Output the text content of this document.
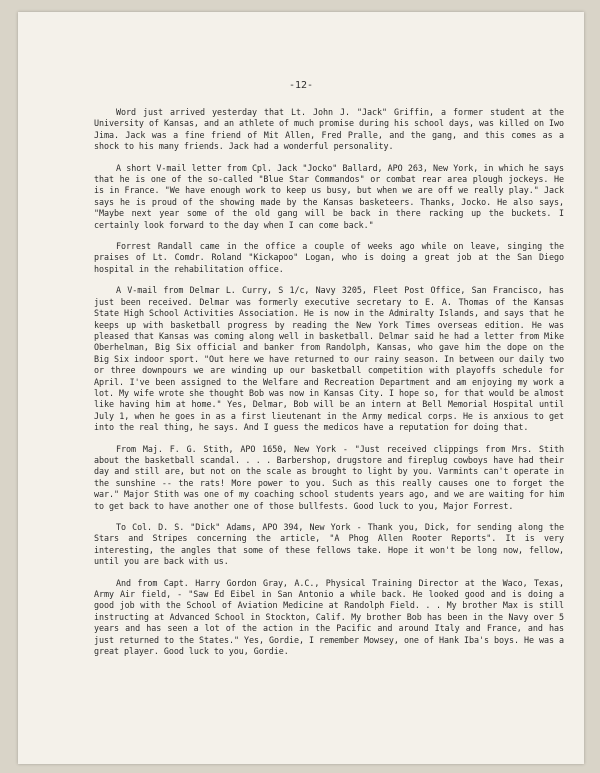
-12-

Word just arrived yesterday that Lt. John J. "Jack" Griffin, a former student at the University of Kansas, and an athlete of much promise during his school days, was killed on Iwo Jima. Jack was a fine friend of Mit Allen, Fred Pralle, and the gang, and this comes as a shock to his many friends. Jack had a wonderful personality.

A short V-mail letter from Cpl. Jack "Jocko" Ballard, APO 263, New York, in which he says that he is one of the so-called "Blue Star Commandos" or combat rear area plough jockeys. He is in France. "We have enough work to keep us busy, but when we are off we really play." Jack says he is proud of the showing made by the Kansas basketeers. Thanks, Jocko. He also says, "Maybe next year some of the old gang will be back in there racking up the buckets. I certainly look forward to the day when I can come back."

Forrest Randall came in the office a couple of weeks ago while on leave, singing the praises of Lt. Comdr. Roland "Kickapoo" Logan, who is doing a great job at the San Diego hospital in the rehabilitation office.

A V-mail from Delmar L. Curry, S 1/c, Navy 3205, Fleet Post Office, San Francisco, has just been received. Delmar was formerly executive secretary to E. A. Thomas of the Kansas State High School Activities Association. He is now in the Admiralty Islands, and says that he keeps up with basketball progress by reading the New York Times overseas edition. He was pleased that Kansas was coming along well in basketball. Delmar said he had a letter from Mike Oberhelman, Big Six official and banker from Randolph, Kansas, who gave him the dope on the Big Six indoor sport. "Out here we have returned to our rainy season. In between our daily two or three downpours we are winding up our basketball competition with playoffs schedule for April. I've been assigned to the Welfare and Recreation Department and am enjoying my work a lot. My wife wrote she thought Bob was now in Kansas City. I hope so, for that would be almost like having him at home." Yes, Delmar, Bob will be an intern at Bell Memorial Hospital until July 1, when he goes in as a first lieutenant in the Army medical corps. He is anxious to get into the real thing, he says. And I guess the medicos have a reputation for doing that.

From Maj. F. G. Stith, APO 1650, New York - "Just received clippings from Mrs. Stith about the basketball scandal. . . . Barbershop, drugstore and fireplug cowboys have had their day and still are, but not on the scale as brought to light by you. Varmints can't operate in the sunshine -- the rats! More power to you. Such as this really causes one to forget the war." Major Stith was one of my coaching school students years ago, and we are waiting for him to get back to have another one of those bullfests. Good luck to you, Major Forrest.

To Col. D. S. "Dick" Adams, APO 394, New York - Thank you, Dick, for sending along the Stars and Stripes concerning the article, "A Phog Allen Rooter Reports". It is very interesting, the angles that some of these fellows take. Hope it won't be long now, fellow, until you are back with us.

And from Capt. Harry Gordon Gray, A.C., Physical Training Director at the Waco, Texas, Army Air field, - "Saw Ed Eibel in San Antonio a while back. He looked good and is doing a good job with the School of Aviation Medicine at Randolph Field. . . My brother Max is still instructing at Advanced School in Stockton, Calif. My brother Bob has been in the Navy over 5 years and has seen a lot of the action in the Pacific and around Italy and France, and has just returned to the States." Yes, Gordie, I remember Mowsey, one of Hank Iba's boys. He was a great player. Good luck to you, Gordie.
